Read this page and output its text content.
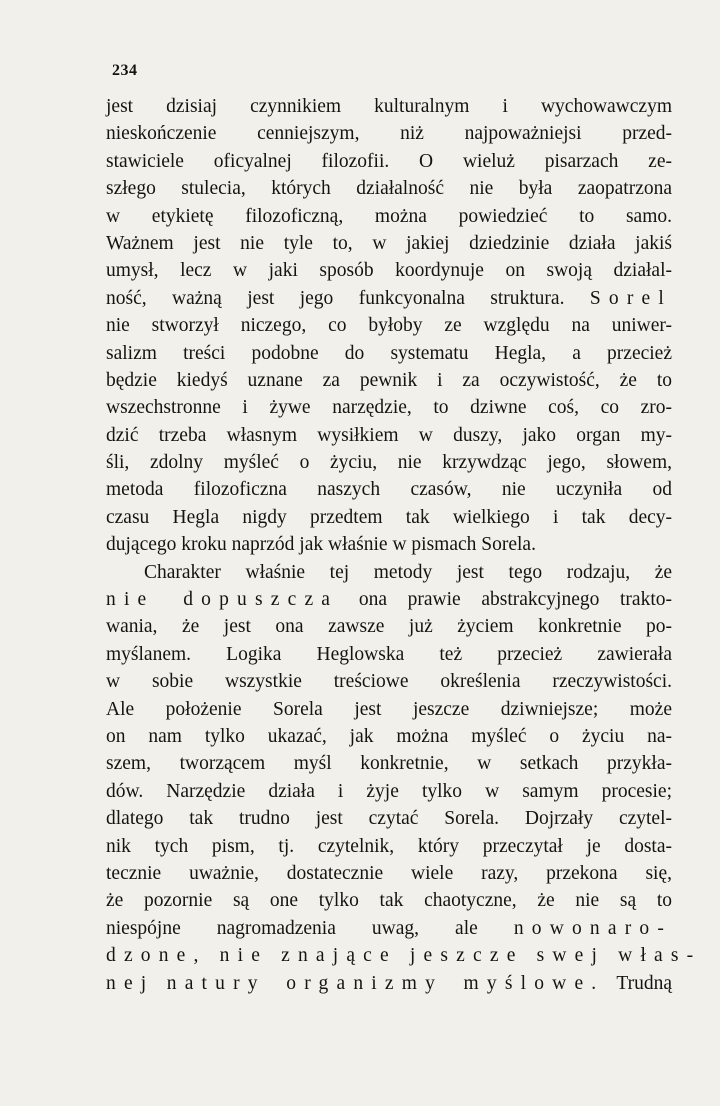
234
jest dzisiaj czynnikiem kulturalnym i wychowawczym
nieskończenie cenniejszym, niż najpoważniejsi przed-
stawiciele oficyalnej filozofii. O wieluż pisarzach ze-
szłego stulecia, których działalność nie była zaopatrzona
w etykietę filozoficzną, można powiedzieć to samo.
Ważnem jest nie tyle to, w jakiej dziedzinie działa jakiś
umysł, lecz w jaki sposób koordynuje on swoją działal-
ność, ważną jest jego funkcyonalna struktura. Sorel
nie stworzył niczego, co byłoby ze względu na uniwer-
salizm treści podobne do systematu Hegla, a przecież
będzie kiedyś uznane za pewnik i za oczywistość, że to
wszechstronne i żywe narzędzie, to dziwne coś, co zro-
dzić trzeba własnym wysiłkiem w duszy, jako organ my-
śli, zdolny myśleć o życiu, nie krzywdząc jego, słowem,
metoda filozoficzna naszych czasów, nie uczyniła od
czasu Hegla nigdy przedtem tak wielkiego i tak decy-
dującego kroku naprzód jak właśnie w pismach Sorela.
Charakter właśnie tej metody jest tego rodzaju, że
nie dopuszcza ona prawie abstrakcyjnego trakto-
wania, że jest ona zawsze już życiem konkretnie po-
myślanem. Logika Heglowska też przecież zawierała
w sobie wszystkie treściowe określenia rzeczywistości.
Ale położenie Sorela jest jeszcze dziwniejsze; może
on nam tylko ukazać, jak można myśleć o życiu na-
szem, tworzącem myśl konkretnie, w setkach przykła-
dów. Narzędzie działa i żyje tylko w samym procesie;
dlatego tak trudno jest czytać Sorela. Dojrzały czytel-
nik tych pism, tj. czytelnik, który przeczytał je dosta-
tecznie uważnie, dostatecznie wiele razy, przekona się,
że pozornie są one tylko tak chaotyczne, że nie są to
niespójne nagromadzenia uwag, ale nowonaro-
dzone, nie znające jeszcze swej włas-
nej natury organizmy myślowe. Trudną
